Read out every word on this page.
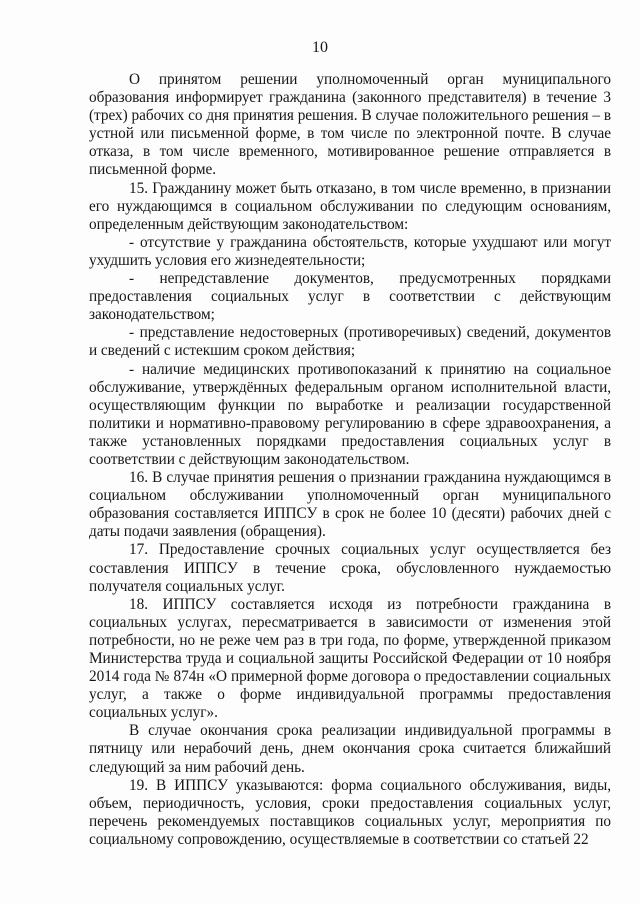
10

О принятом решении уполномоченный орган муниципального образования информирует гражданина (законного представителя) в течение 3 (трех) рабочих со дня принятия решения. В случае положительного решения – в устной или письменной форме, в том числе по электронной почте. В случае отказа, в том числе временного, мотивированное решение отправляется в письменной форме.

15. Гражданину может быть отказано, в том числе временно, в признании его нуждающимся в социальном обслуживании по следующим основаниям, определенным действующим законодательством:

- отсутствие у гражданина обстоятельств, которые ухудшают или могут ухудшить условия его жизнедеятельности;

- непредставление документов, предусмотренных порядками предоставления социальных услуг в соответствии с действующим законодательством;

- представление недостоверных (противоречивых) сведений, документов и сведений с истекшим сроком действия;

- наличие медицинских противопоказаний к принятию на социальное обслуживание, утверждённых федеральным органом исполнительной власти, осуществляющим функции по выработке и реализации государственной политики и нормативно-правовому регулированию в сфере здравоохранения, а также установленных порядками предоставления социальных услуг в соответствии с действующим законодательством.

16. В случае принятия решения о признании гражданина нуждающимся в социальном обслуживании уполномоченный орган муниципального образования составляется ИППСУ в срок не более 10 (десяти) рабочих дней с даты подачи заявления (обращения).

17. Предоставление срочных социальных услуг осуществляется без составления ИППСУ в течение срока, обусловленного нуждаемостью получателя социальных услуг.

18. ИППСУ составляется исходя из потребности гражданина в социальных услугах, пересматривается в зависимости от изменения этой потребности, но не реже чем раз в три года, по форме, утвержденной приказом Министерства труда и социальной защиты Российской Федерации от 10 ноября 2014 года № 874н «О примерной форме договора о предоставлении социальных услуг, а также о форме индивидуальной программы предоставления социальных услуг».

В случае окончания срока реализации индивидуальной программы в пятницу или нерабочий день, днем окончания срока считается ближайший следующий за ним рабочий день.

19. В ИППСУ указываются: форма социального обслуживания, виды, объем, периодичность, условия, сроки предоставления социальных услуг, перечень рекомендуемых поставщиков социальных услуг, мероприятия по социальному сопровождению, осуществляемые в соответствии со статьей 22
